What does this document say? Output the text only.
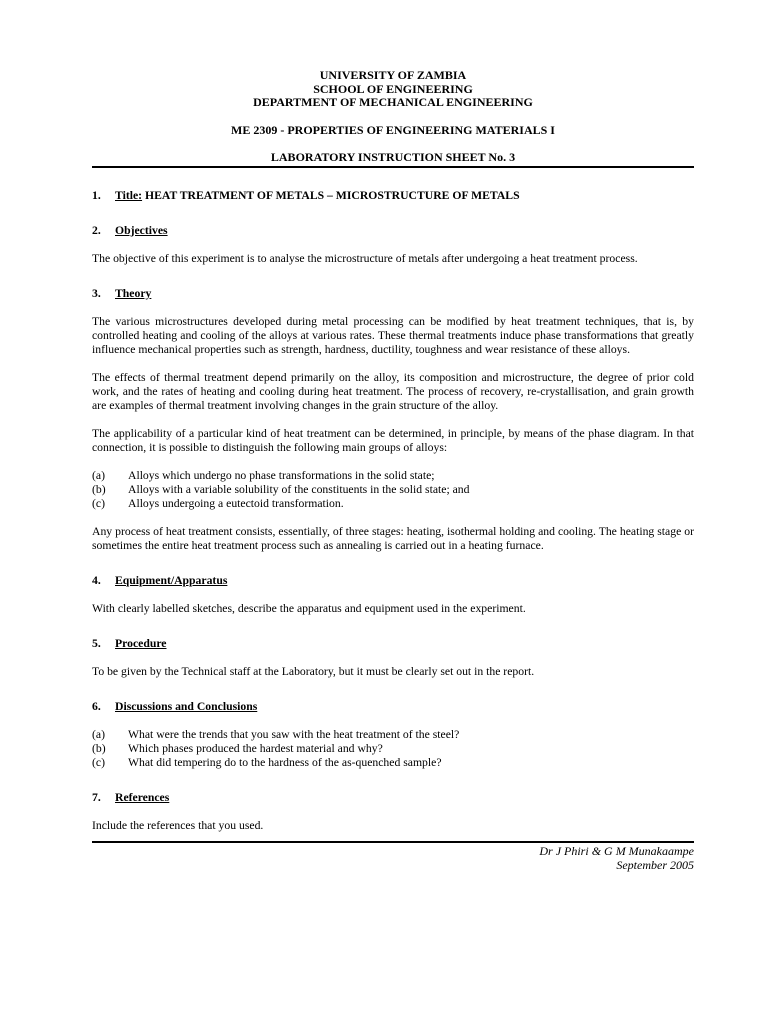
UNIVERSITY OF ZAMBIA
SCHOOL OF ENGINEERING
DEPARTMENT OF MECHANICAL ENGINEERING
ME 2309 - PROPERTIES OF ENGINEERING MATERIALS I
LABORATORY INSTRUCTION SHEET No. 3
1.	Title: HEAT TREATMENT OF METALS – MICROSTRUCTURE OF METALS
2.	Objectives

The objective of this experiment is to analyse the microstructure of metals after undergoing a heat treatment process.

3.	Theory

The various microstructures developed during metal processing can be modified by heat treatment techniques, that is, by controlled heating and cooling of the alloys at various rates. These thermal treatments induce phase transformations that greatly influence mechanical properties such as strength, hardness, ductility, toughness and wear resistance of these alloys.

The effects of thermal treatment depend primarily on the alloy, its composition and microstructure, the degree of prior cold work, and the rates of heating and cooling during heat treatment. The process of recovery, re-crystallisation, and grain growth are examples of thermal treatment involving changes in the grain structure of the alloy.

The applicability of a particular kind of heat treatment can be determined, in principle, by means of the phase diagram. In that connection, it is possible to distinguish the following main groups of alloys:

(a)	Alloys which undergo no phase transformations in the solid state;
(b)	Alloys with a variable solubility of the constituents in the solid state; and
(c)	Alloys undergoing a eutectoid transformation.

Any process of heat treatment consists, essentially, of three stages: heating, isothermal holding and cooling. The heating stage or sometimes the entire heat treatment process such as annealing is carried out in a heating furnace.

4.	Equipment/Apparatus

With clearly labelled sketches, describe the apparatus and equipment used in the experiment.

5.	Procedure

To be given by the Technical staff at the Laboratory, but it must be clearly set out in the report.

6.	Discussions and Conclusions
(a)	What were the trends that you saw with the heat treatment of the steel?
(b)	Which phases produced the hardest material and why?
(c)	What did tempering do to the hardness of the as-quenched sample?
7.	References

Include the references that you used.

Dr J Phiri & G M Munakaampe
September 2005
